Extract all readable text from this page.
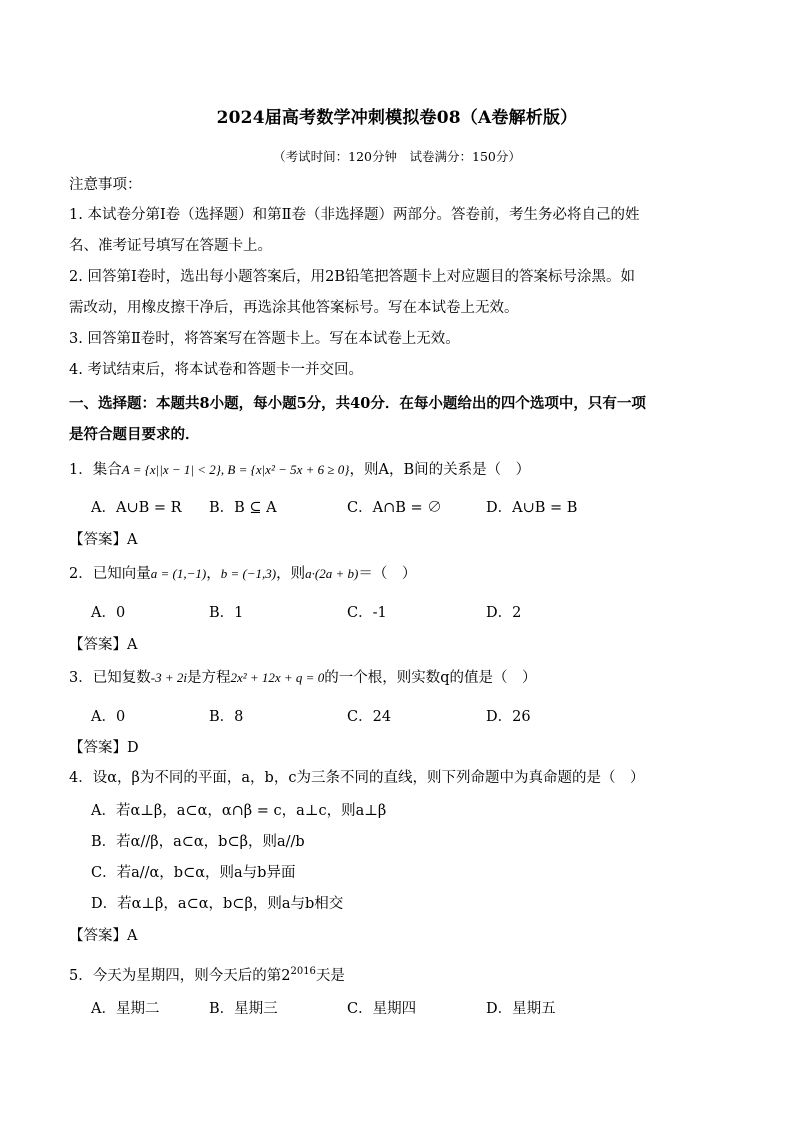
2024届高考数学冲刺模拟卷08（A卷解析版）
（考试时间：120分钟　试卷满分：150分）
注意事项：
1. 本试卷分第Ⅰ卷（选择题）和第Ⅱ卷（非选择题）两部分。答卷前，考生务必将自己的姓
名、准考证号填写在答题卡上。
2. 回答第Ⅰ卷时，选出每小题答案后，用2B铅笔把答题卡上对应题目的答案标号涂黑。如
需改动，用橡皮擦干净后，再选涂其他答案标号。写在本试卷上无效。
3. 回答第Ⅱ卷时，将答案写在答题卡上。写在本试卷上无效。
4. 考试结束后，将本试卷和答题卡一并交回。
一、选择题：本题共8小题，每小题5分，共40分．在每小题给出的四个选项中，只有一项
是符合题目要求的．
1．集合A = {x||x − 1| < 2}, B = {x|x² − 5x + 6 ≥ 0}，则A，B间的关系是（　）
A．A∪B = R B．B ⊆ A	C．A∩B = ∅	D．A∪B = B
【答案】A
2．已知向量a = (1,−1)，b = (−1,3)，则a·(2a + b)＝（　）
A．0	B．1	C．-1	D．2
【答案】A
3．已知复数-3 + 2i是方程2x² + 12x + q = 0的一个根，则实数q的值是（　）
A．0	B．8	C．24	D．26
【答案】D
4．设α，β为不同的平面，a，b，c为三条不同的直线，则下列命题中为真命题的是（　）
A．若α⊥β，a⊂α，α∩β = c，a⊥c，则a⊥β
B．若α//β，a⊂α，b⊂β，则a//b
C．若a//α，b⊂α，则a与b异面
D．若α⊥β，a⊂α，b⊂β，则a与b相交
【答案】A
5．今天为星期四，则今天后的第$2^{2016}$天是
A．星期二	B．星期三	C．星期四	D．星期五
